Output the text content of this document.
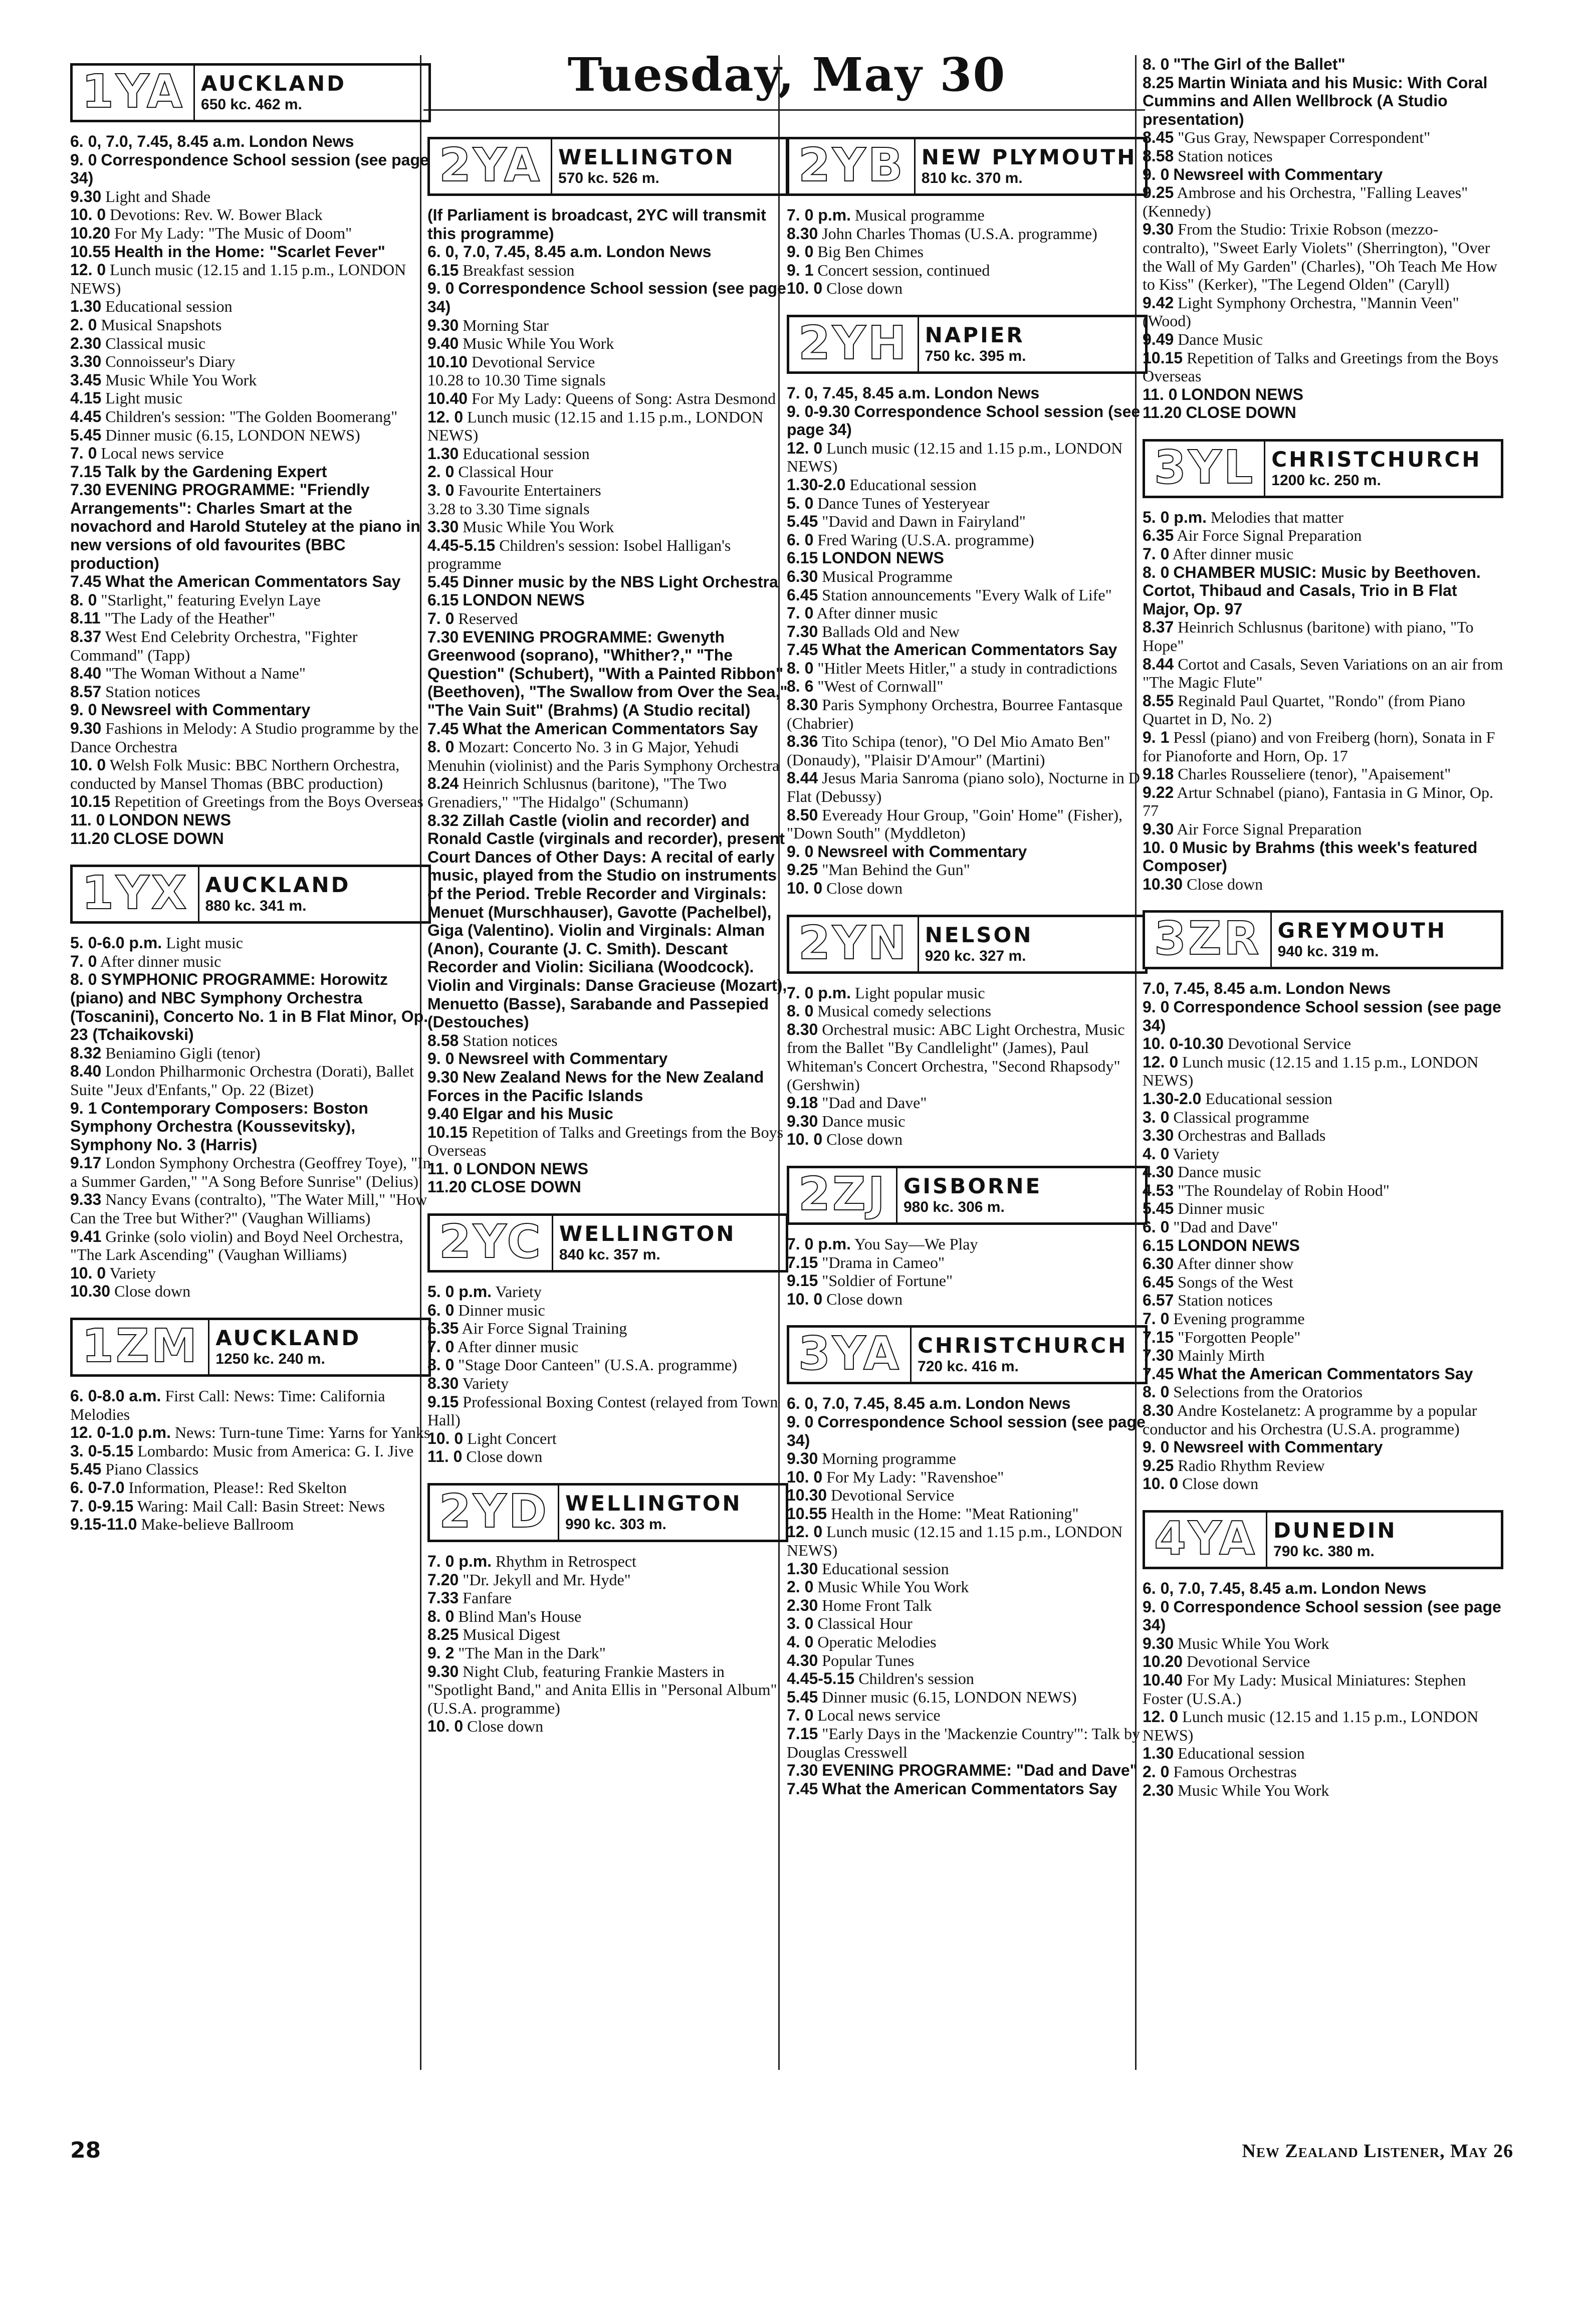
Tuesday, May 30
1YA AUCKLAND
650 kc. 462 m.

6. 0, 7.0, 7.45, 8.45 a.m. London News

9. 0 Correspondence School session (see page 34)

9.30 Light and Shade

10. 0 Devotions: Rev. W. Bower Black

10.20 For My Lady: "The Music of Doom"

10.55 Health in the Home: "Scarlet Fever"

12. 0 Lunch music (12.15 and 1.15 p.m., LONDON NEWS)

1.30 Educational session

2. 0 Musical Snapshots

2.30 Classical music

3.30 Connoisseur's Diary

3.45 Music While You Work

4.15 Light music

4.45 Children's session: "The Golden Boomerang"

5.45 Dinner music (6.15, LONDON NEWS)

7. 0 Local news service

7.15 Talk by the Gardening Expert

7.30 EVENING PROGRAMME: "Friendly Arrangements": Charles Smart at the novachord and Harold Stuteley at the piano in new versions of old favourites (BBC production)

7.45 What the American Commentators Say

8. 0 "Starlight," featuring Evelyn Laye

8.11 "The Lady of the Heather"

8.37 West End Celebrity Orchestra, "Fighter Command" (Tapp)

8.40 "The Woman Without a Name"

8.57 Station notices

9. 0 Newsreel with Commentary

9.30 Fashions in Melody: A Studio programme by the Dance Orchestra

10. 0 Welsh Folk Music: BBC Northern Orchestra, conducted by Mansel Thomas (BBC production)

10.15 Repetition of Greetings from the Boys Overseas

11. 0 LONDON NEWS

11.20 CLOSE DOWN

1YX AUCKLAND
880 kc. 341 m.

5. 0-6.0 p.m. Light music

7. 0 After dinner music

8. 0 SYMPHONIC PROGRAMME: Horowitz (piano) and NBC Symphony Orchestra (Toscanini), Concerto No. 1 in B Flat Minor, Op. 23 (Tchaikovski)

8.32 Beniamino Gigli (tenor)

8.40 London Philharmonic Orchestra (Dorati), Ballet Suite "Jeux d'Enfants," Op. 22 (Bizet)

9. 1 Contemporary Composers: Boston Symphony Orchestra (Koussevitsky), Symphony No. 3 (Harris)

9.17 London Symphony Orchestra (Geoffrey Toye), "In a Summer Garden," "A Song Before Sunrise" (Delius)

9.33 Nancy Evans (contralto), "The Water Mill," "How Can the Tree but Wither?" (Vaughan Williams)

9.41 Grinke (solo violin) and Boyd Neel Orchestra, "The Lark Ascending" (Vaughan Williams)

10. 0 Variety

10.30 Close down

1ZM AUCKLAND
1250 kc. 240 m.

6. 0-8.0 a.m. First Call: News: Time: California Melodies

12. 0-1.0 p.m. News: Turn-tune Time: Yarns for Yanks

3. 0-5.15 Lombardo: Music from America: G. I. Jive

5.45 Piano Classics

6. 0-7.0 Information, Please!: Red Skelton

7. 0-9.15 Waring: Mail Call: Basin Street: News

9.15-11.0 Make-believe Ballroom

2YA WELLINGTON
570 kc. 526 m.
(If Parliament is broadcast, 2YC will transmit this programme)

6. 0, 7.0, 7.45, 8.45 a.m. London News

6.15 Breakfast session

9. 0 Correspondence School session (see page 34)

9.30 Morning Star

9.40 Music While You Work

10.10 Devotional Service

10.28 to 10.30 Time signals

10.40 For My Lady: Queens of Song: Astra Desmond

12. 0 Lunch music (12.15 and 1.15 p.m., LONDON NEWS)

1.30 Educational session

2. 0 Classical Hour

3. 0 Favourite Entertainers

3.28 to 3.30 Time signals

3.30 Music While You Work

4.45-5.15 Children's session: Isobel Halligan's programme

5.45 Dinner music by the NBS Light Orchestra

6.15 LONDON NEWS

7. 0 Reserved

7.30 EVENING PROGRAMME: Gwenyth Greenwood (soprano), "Whither?," "The Question" (Schubert), "With a Painted Ribbon" (Beethoven), "The Swallow from Over the Sea," "The Vain Suit" (Brahms) (A Studio recital)

7.45 What the American Commentators Say

8. 0 Mozart: Concerto No. 3 in G Major, Yehudi Menuhin (violinist) and the Paris Symphony Orchestra

8.24 Heinrich Schlusnus (baritone), "The Two Grenadiers," "The Hidalgo" (Schumann)

8.32 Zillah Castle (violin and recorder) and Ronald Castle (virginals and recorder), present Court Dances of Other Days: A recital of early music, played from the Studio on instruments of the Period. Treble Recorder and Virginals: Menuet (Murschhauser), Gavotte (Pachelbel), Giga (Valentino). Violin and Virginals: Alman (Anon), Courante (J. C. Smith). Descant Recorder and Violin: Siciliana (Woodcock). Violin and Virginals: Danse Gracieuse (Mozart), Menuetto (Basse), Sarabande and Passepied (Destouches)

8.58 Station notices

9. 0 Newsreel with Commentary

9.30 New Zealand News for the New Zealand Forces in the Pacific Islands

9.40 Elgar and his Music

10.15 Repetition of Talks and Greetings from the Boys Overseas

11. 0 LONDON NEWS

11.20 CLOSE DOWN

2YC WELLINGTON
840 kc. 357 m.

5. 0 p.m. Variety

6. 0 Dinner music

6.35 Air Force Signal Training

7. 0 After dinner music

8. 0 "Stage Door Canteen" (U.S.A. programme)

8.30 Variety

9.15 Professional Boxing Contest (relayed from Town Hall)

10. 0 Light Concert

11. 0 Close down

2YD WELLINGTON
990 kc. 303 m.

7. 0 p.m. Rhythm in Retrospect

7.20 "Dr. Jekyll and Mr. Hyde"

7.33 Fanfare

8. 0 Blind Man's House

8.25 Musical Digest

9. 2 "The Man in the Dark"

9.30 Night Club, featuring Frankie Masters in "Spotlight Band," and Anita Ellis in "Personal Album" (U.S.A. programme)

10. 0 Close down

2YB NEW PLYMOUTH
810 kc. 370 m.

7. 0 p.m. Musical programme

8.30 John Charles Thomas (U.S.A. programme)

9. 0 Big Ben Chimes

9. 1 Concert session, continued

10. 0 Close down

2YH NAPIER
750 kc. 395 m.

7. 0, 7.45, 8.45 a.m. London News

9. 0-9.30 Correspondence School session (see page 34)

12. 0 Lunch music (12.15 and 1.15 p.m., LONDON NEWS)

1.30-2.0 Educational session

5. 0 Dance Tunes of Yesteryear

5.45 "David and Dawn in Fairyland"

6. 0 Fred Waring (U.S.A. programme)

6.15 LONDON NEWS

6.30 Musical Programme

6.45 Station announcements "Every Walk of Life"

7. 0 After dinner music

7.30 Ballads Old and New

7.45 What the American Commentators Say

8. 0 "Hitler Meets Hitler," a study in contradictions

8. 6 "West of Cornwall"

8.30 Paris Symphony Orchestra, Bourree Fantasque (Chabrier)

8.36 Tito Schipa (tenor), "O Del Mio Amato Ben" (Donaudy), "Plaisir D'Amour" (Martini)

8.44 Jesus Maria Sanroma (piano solo), Nocturne in D Flat (Debussy)

8.50 Eveready Hour Group, "Goin' Home" (Fisher), "Down South" (Myddleton)

9. 0 Newsreel with Commentary

9.25 "Man Behind the Gun"

10. 0 Close down

2YN NELSON
920 kc. 327 m.

7. 0 p.m. Light popular music

8. 0 Musical comedy selections

8.30 Orchestral music: ABC Light Orchestra, Music from the Ballet "By Candlelight" (James), Paul Whiteman's Concert Orchestra, "Second Rhapsody" (Gershwin)

9.18 "Dad and Dave"

9.30 Dance music

10. 0 Close down

2ZJ GISBORNE
980 kc. 306 m.

7. 0 p.m. You Say—We Play

7.15 "Drama in Cameo"

9.15 "Soldier of Fortune"

10. 0 Close down

3YA CHRISTCHURCH
720 kc. 416 m.

6. 0, 7.0, 7.45, 8.45 a.m. London News

9. 0 Correspondence School session (see page 34)

9.30 Morning programme

10. 0 For My Lady: "Ravenshoe"

10.30 Devotional Service

10.55 Health in the Home: "Meat Rationing"

12. 0 Lunch music (12.15 and 1.15 p.m., LONDON NEWS)

1.30 Educational session

2. 0 Music While You Work

2.30 Home Front Talk

3. 0 Classical Hour

4. 0 Operatic Melodies

4.30 Popular Tunes

4.45-5.15 Children's session

5.45 Dinner music (6.15, LONDON NEWS)

7. 0 Local news service

7.15 "Early Days in the 'Mackenzie Country'": Talk by Douglas Cresswell

7.30 EVENING PROGRAMME: "Dad and Dave"

7.45 What the American Commentators Say

8. 0 "The Girl of the Ballet"

8.25 Martin Winiata and his Music: With Coral Cummins and Allen Wellbrock (A Studio presentation)

8.45 "Gus Gray, Newspaper Correspondent"

8.58 Station notices

9. 0 Newsreel with Commentary

9.25 Ambrose and his Orchestra, "Falling Leaves" (Kennedy)

9.30 From the Studio: Trixie Robson (mezzo-contralto), "Sweet Early Violets" (Sherrington), "Over the Wall of My Garden" (Charles), "Oh Teach Me How to Kiss" (Kerker), "The Legend Olden" (Caryll)

9.42 Light Symphony Orchestra, "Mannin Veen" (Wood)

9.49 Dance Music

10.15 Repetition of Talks and Greetings from the Boys Overseas

11. 0 LONDON NEWS

11.20 CLOSE DOWN

3YL CHRISTCHURCH
1200 kc. 250 m.

5. 0 p.m. Melodies that matter

6.35 Air Force Signal Preparation

7. 0 After dinner music

8. 0 CHAMBER MUSIC: Music by Beethoven. Cortot, Thibaud and Casals, Trio in B Flat Major, Op. 97

8.37 Heinrich Schlusnus (baritone) with piano, "To Hope"

8.44 Cortot and Casals, Seven Variations on an air from "The Magic Flute"

8.55 Reginald Paul Quartet, "Rondo" (from Piano Quartet in D, No. 2)

9. 1 Pessl (piano) and von Freiberg (horn), Sonata in F for Pianoforte and Horn, Op. 17

9.18 Charles Rousseliere (tenor), "Apaisement"

9.22 Artur Schnabel (piano), Fantasia in G Minor, Op. 77

9.30 Air Force Signal Preparation

10. 0 Music by Brahms (this week's featured Composer)

10.30 Close down

3ZR GREYMOUTH
940 kc. 319 m.

7.0, 7.45, 8.45 a.m. London News

9. 0 Correspondence School session (see page 34)

10. 0-10.30 Devotional Service

12. 0 Lunch music (12.15 and 1.15 p.m., LONDON NEWS)

1.30-2.0 Educational session

3. 0 Classical programme

3.30 Orchestras and Ballads

4. 0 Variety

4.30 Dance music

4.53 "The Roundelay of Robin Hood"

5.45 Dinner music

6. 0 "Dad and Dave"

6.15 LONDON NEWS

6.30 After dinner show

6.45 Songs of the West

6.57 Station notices

7. 0 Evening programme

7.15 "Forgotten People"

7.30 Mainly Mirth

7.45 What the American Commentators Say

8. 0 Selections from the Oratorios

8.30 Andre Kostelanetz: A programme by a popular conductor and his Orchestra (U.S.A. programme)

9. 0 Newsreel with Commentary

9.25 Radio Rhythm Review

10. 0 Close down

4YA DUNEDIN
790 kc. 380 m.

6. 0, 7.0, 7.45, 8.45 a.m. London News

9. 0 Correspondence School session (see page 34)

9.30 Music While You Work

10.20 Devotional Service

10.40 For My Lady: Musical Miniatures: Stephen Foster (U.S.A.)

12. 0 Lunch music (12.15 and 1.15 p.m., LONDON NEWS)

1.30 Educational session

2. 0 Famous Orchestras

2.30 Music While You Work

28	New Zealand Listener, May 26
